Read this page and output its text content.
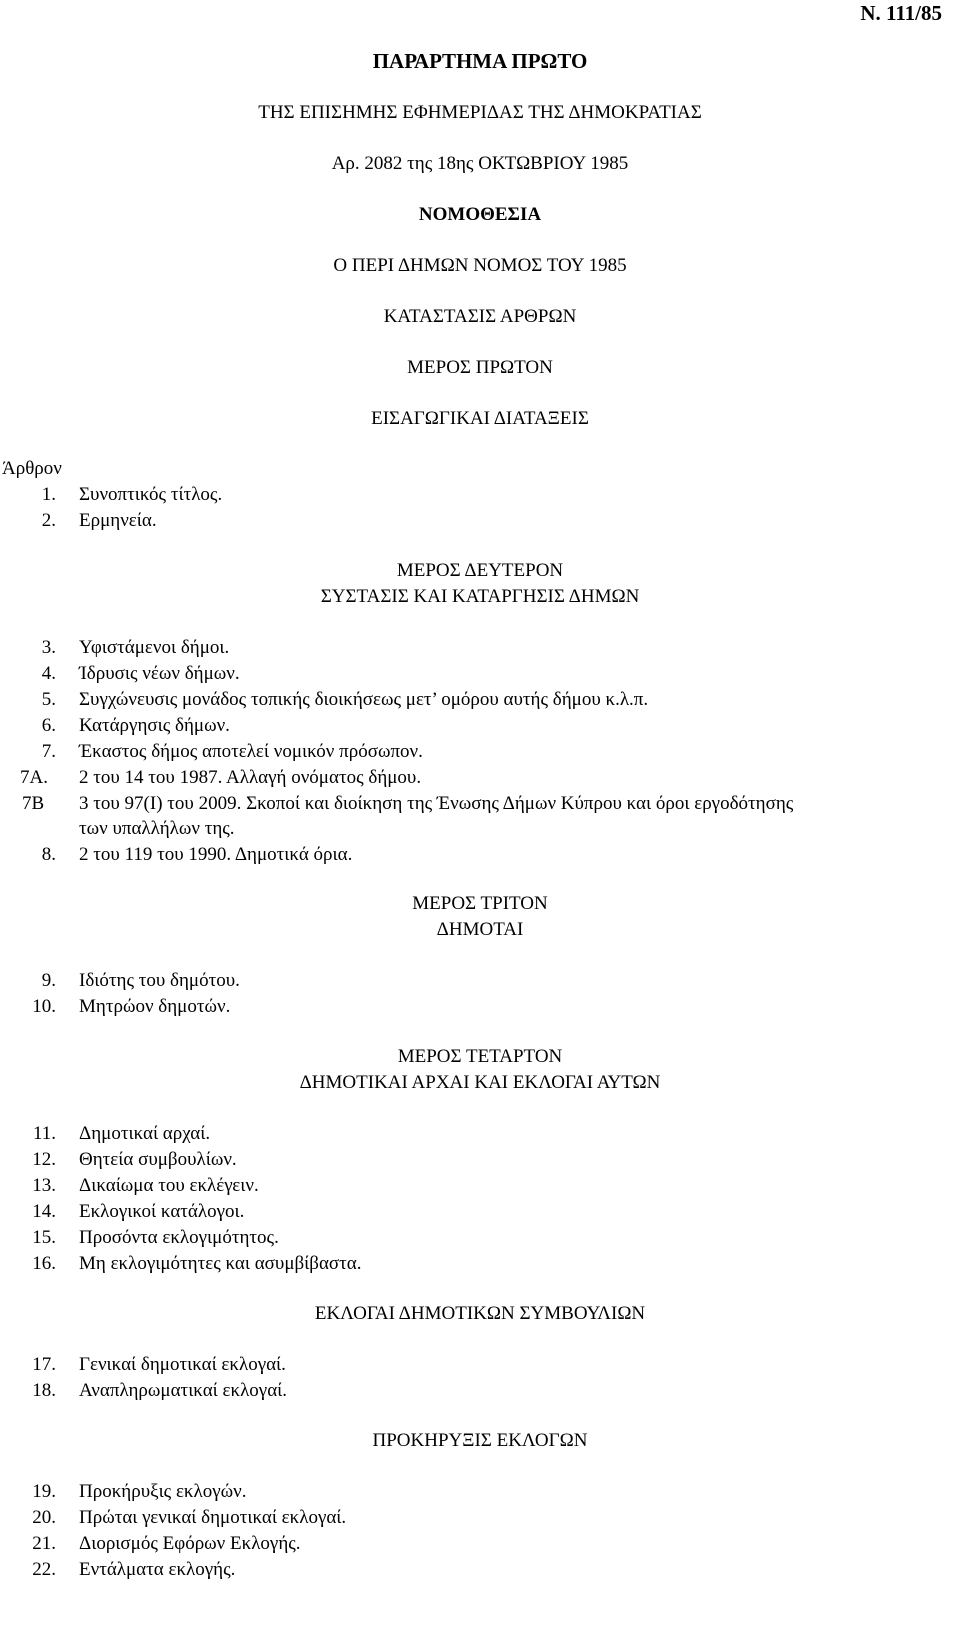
Ν. 111/85
ΠΑΡΑΡΤΗΜΑ ΠΡΩΤΟ
ΤΗΣ ΕΠΙΣΗΜΗΣ ΕΦΗΜΕΡΙΔΑΣ ΤΗΣ ΔΗΜΟΚΡΑΤΙΑΣ
Αρ. 2082 της 18ης ΟΚΤΩΒΡΙΟΥ 1985
ΝΟΜΟΘΕΣΙΑ
Ο ΠΕΡΙ ΔΗΜΩΝ ΝΟΜΟΣ ΤΟΥ 1985
ΚΑΤΑΣΤΑΣΙΣ ΑΡΘΡΩΝ
ΜΕΡΟΣ ΠΡΩΤΟΝ
ΕΙΣΑΓΩΓΙΚΑΙ ΔΙΑΤΑΞΕΙΣ
Άρθρον
1. Συνοπτικός τίτλος.
2. Ερμηνεία.
ΜΕΡΟΣ ΔΕΥΤΕΡΟΝ
ΣΥΣΤΑΣΙΣ ΚΑΙ ΚΑΤΑΡΓΗΣΙΣ ΔΗΜΩΝ
3. Υφιστάμενοι δήμοι.
4. Ίδρυσις νέων δήμων.
5. Συγχώνευσις μονάδος τοπικής διοικήσεως μετ’ ομόρου αυτής δήμου κ.λ.π.
6. Κατάργησις δήμων.
7. Έκαστος δήμος αποτελεί νομικόν πρόσωπον.
7Α. 2 του 14 του 1987. Αλλαγή ονόματος δήμου.
7Β 3 του 97(Ι) του 2009. Σκοποί και διοίκηση της Ένωσης Δήμων Κύπρου και όροι εργοδότησης
των υπαλλήλων της.
8. 2 του 119 του 1990. Δημοτικά όρια.
ΜΕΡΟΣ ΤΡΙΤΟΝ
ΔΗΜΟΤΑΙ
9. Ιδιότης του δημότου.
10. Μητρώον δημοτών.
ΜΕΡΟΣ ΤΕΤΑΡΤΟΝ
ΔΗΜΟΤΙΚΑΙ ΑΡΧΑΙ ΚΑΙ ΕΚΛΟΓΑΙ ΑΥΤΩΝ
11. Δημοτικαί αρχαί.
12. Θητεία συμβουλίων.
13. Δικαίωμα του εκλέγειν.
14. Εκλογικοί κατάλογοι.
15. Προσόντα εκλογιμότητος.
16. Μη εκλογιμότητες και ασυμβίβαστα.
ΕΚΛΟΓΑΙ ΔΗΜΟΤΙΚΩΝ ΣΥΜΒΟΥΛΙΩΝ
17. Γενικαί δημοτικαί εκλογαί.
18. Αναπληρωματικαί εκλογαί.
ΠΡΟΚΗΡΥΞΙΣ ΕΚΛΟΓΩΝ
19. Προκήρυξις εκλογών.
20. Πρώται γενικαί δημοτικαί εκλογαί.
21. Διορισμός Εφόρων Εκλογής.
22. Εντάλματα εκλογής.
